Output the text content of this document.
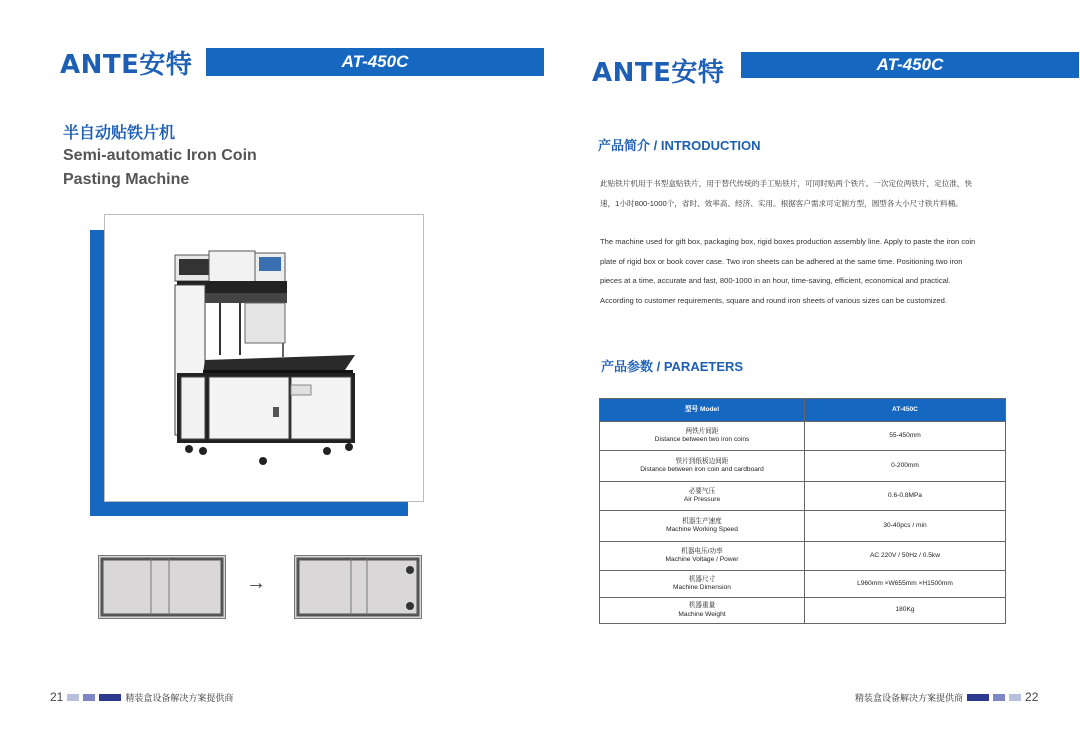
ANTE安特	AT-450C
半自动贴铁片机
Semi-automatic Iron Coin
Pasting Machine
→
21	精装盒设备解决方案提供商
ANTE安特	AT-450C
产品简介 / INTRODUCTION
此贴铁片机用于书型盒贴铁片，用于替代传统的手工贴铁片，可同时贴两个铁片。一次定位两铁片，定位准，快
速，1小时800-1000个，省时、效率高、经济、实用。根据客户需求可定制方型，圆型各大小尺寸铁片料桶。
The machine used for gift box, packaging box, rigid boxes production assembly line. Apply to paste the iron coin
plate of rigid box or book cover case. Two iron sheets can be adhered at the same time. Positioning two iron
pieces at a time, accurate and fast, 800-1000 in an hour, time-saving, efficient, economical and practical.
According to customer requirements, square and round iron sheets of various sizes can be customized.
产品参数 / PARAETERS
型号 Model	AT-450C

两铁片间距
Distance between two iron coins	55-450mm

铁片到纸板边间距
Distance between iron coin and cardboard	0-200mm

必要气压
Air Pressure	0.6-0.8MPa

机器生产速度
Machine Working Speed	30-40pcs / min

机器电压/功率
Machine Voltage / Power	AC 220V / 50Hz / 0.5kw

机器尺寸
Machine Dimension	L960mm ×W655mm ×H1500mm

机器重量
Machine Weight	180Kg
精装盒设备解决方案提供商	22
